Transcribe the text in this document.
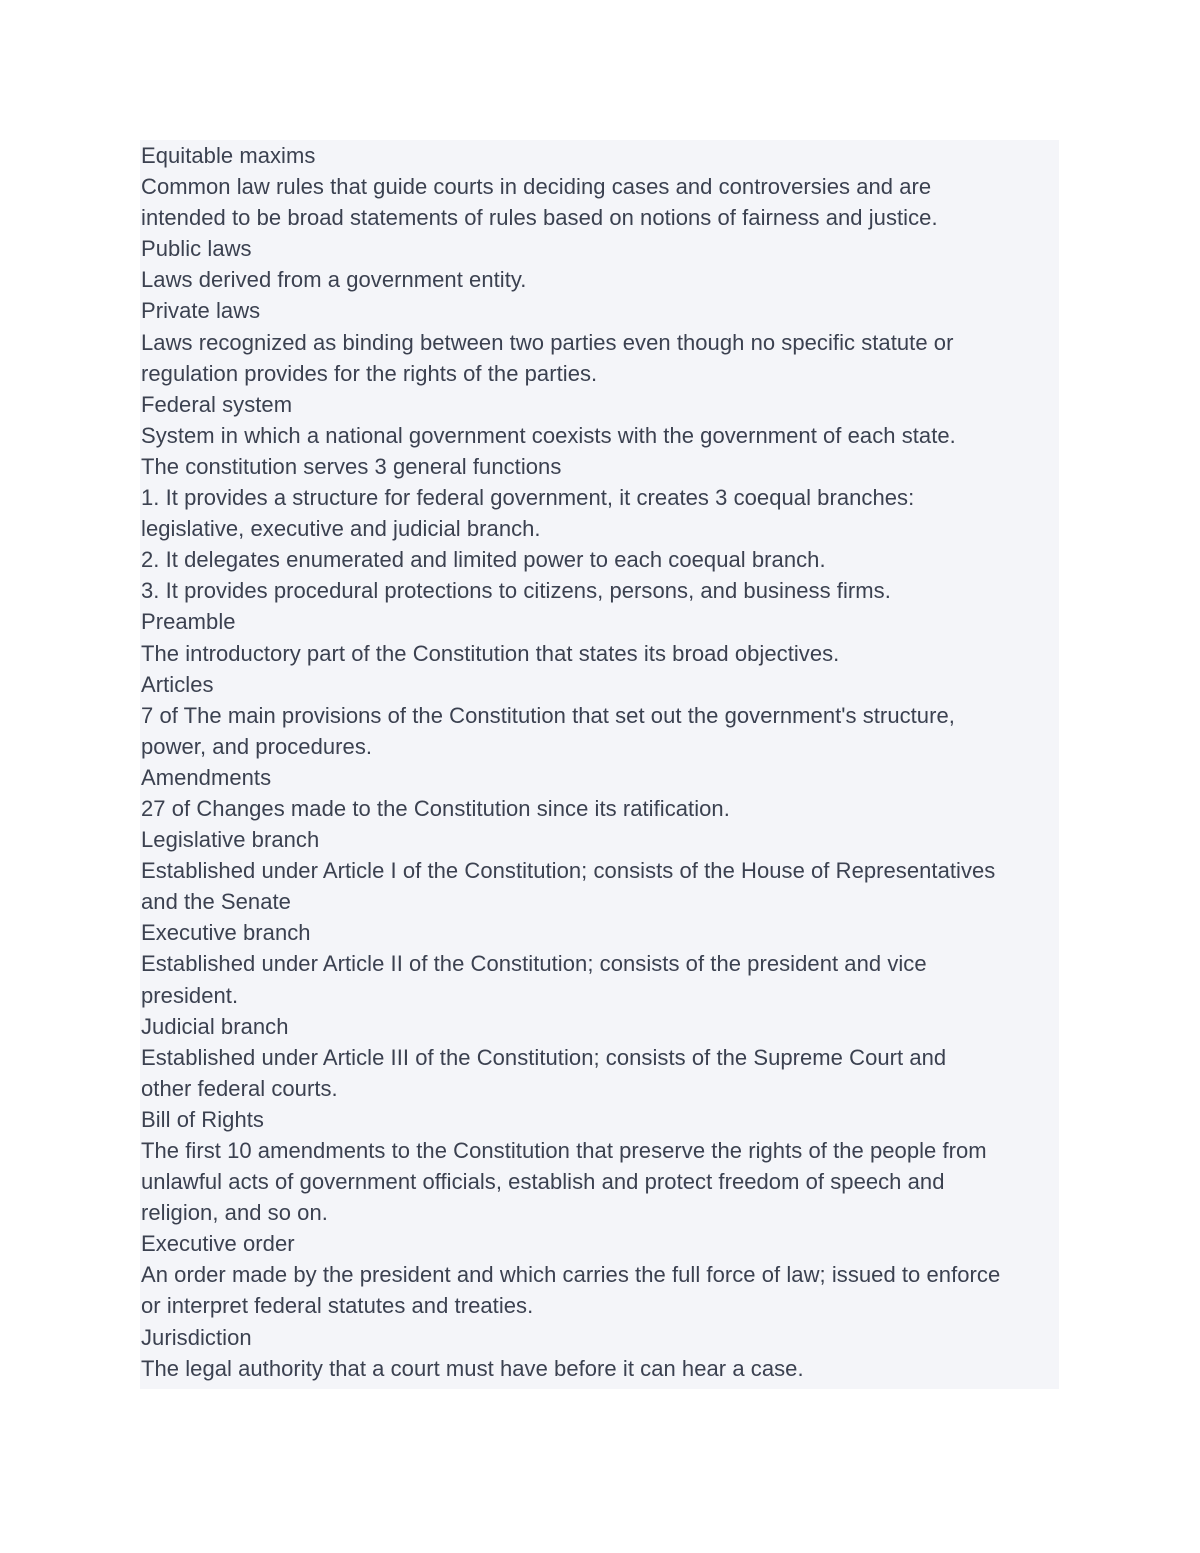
Equitable maxims

Common law rules that guide courts in deciding cases and controversies and are

intended to be broad statements of rules based on notions of fairness and justice.

Public laws

Laws derived from a government entity.

Private laws

Laws recognized as binding between two parties even though no specific statute or

regulation provides for the rights of the parties.

Federal system

System in which a national government coexists with the government of each state.

The constitution serves 3 general functions

1. It provides a structure for federal government, it creates 3 coequal branches:

legislative, executive and judicial branch.

2. It delegates enumerated and limited power to each coequal branch.

3. It provides procedural protections to citizens, persons, and business firms.

Preamble

The introductory part of the Constitution that states its broad objectives.

Articles

7 of The main provisions of the Constitution that set out the government's structure,

power, and procedures.

Amendments

27 of Changes made to the Constitution since its ratification.

Legislative branch

Established under Article I of the Constitution; consists of the House of Representatives

and the Senate

Executive branch

Established under Article II of the Constitution; consists of the president and vice

president.

Judicial branch

Established under Article III of the Constitution; consists of the Supreme Court and

other federal courts.

Bill of Rights

The first 10 amendments to the Constitution that preserve the rights of the people from

unlawful acts of government officials, establish and protect freedom of speech and

religion, and so on.

Executive order

An order made by the president and which carries the full force of law; issued to enforce

or interpret federal statutes and treaties.

Jurisdiction

The legal authority that a court must have before it can hear a case.
